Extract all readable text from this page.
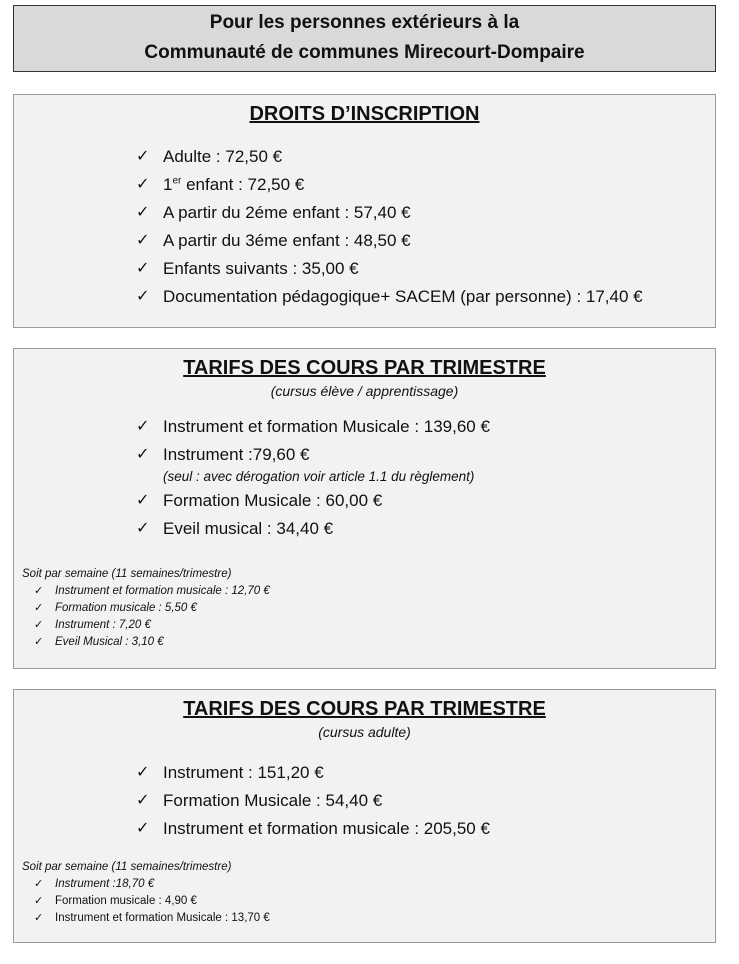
Pour les personnes extérieurs à la
Communauté de communes Mirecourt-Dompaire
DROITS D’INSCRIPTION
✓ Adulte : 72,50 €
✓ 1er enfant : 72,50 €
✓ A partir du 2éme enfant : 57,40 €
✓ A partir du 3éme enfant : 48,50 €
✓ Enfants suivants : 35,00 €
✓ Documentation pédagogique+ SACEM (par personne) : 17,40 €
TARIFS DES COURS PAR TRIMESTRE
(cursus élève / apprentissage)
✓ Instrument et formation Musicale : 139,60 €
✓ Instrument :79,60 €
(seul : avec dérogation voir article 1.1 du règlement)
✓ Formation Musicale : 60,00 €
✓ Eveil musical : 34,40 €
Soit par semaine (11 semaines/trimestre)
✓ Instrument et formation musicale : 12,70 €
✓ Formation musicale : 5,50 €
✓ Instrument : 7,20 €
✓ Eveil Musical : 3,10 €
TARIFS DES COURS PAR TRIMESTRE
(cursus adulte)
✓ Instrument : 151,20 €
✓ Formation Musicale : 54,40 €
✓ Instrument et formation musicale : 205,50 €
Soit par semaine (11 semaines/trimestre)
✓ Instrument :18,70 €
✓ Formation musicale : 4,90 €
✓ Instrument et formation Musicale : 13,70 €
